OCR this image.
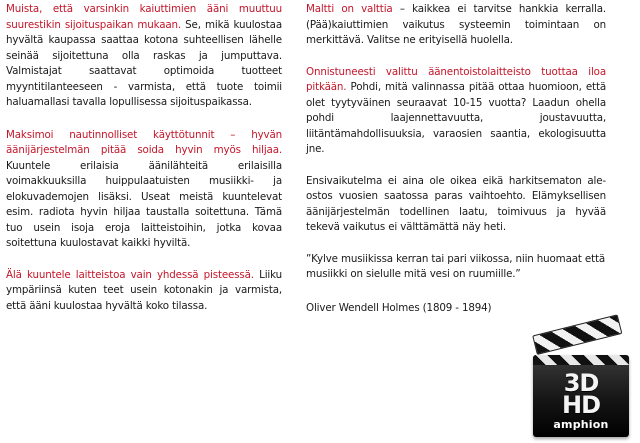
Muista, että varsinkin kaiuttimien ääni muuttuu suurestikin sijoituspaikan mukaan. Se, mikä kuulostaa hyvältä kaupassa saattaa kotona suhteellisen lähelle seinää sijoitettuna olla raskas ja jumputtava. Valmistajat saattavat optimoida tuotteet myyntitilanteeseen - varmista, että tuote toimii haluamallasi tavalla lopullisessa sijoituspaikassa.

Maksimoi nautinnolliset käyttötunnit – hyvän äänijärjestelmän pitää soida hyvin myös hiljaa. Kuuntele erilaisia äänilähteitä erilaisilla voimakkuuksilla huippulaatuisten musiikki- ja elokuvademojen lisäksi. Useat meistä kuuntelevat esim. radiota hyvin hiljaa taustalla soitettuna. Tämä tuo usein isoja eroja laitteistoihin, jotka kovaa soitettuna kuulostavat kaikki hyviltä.

Älä kuuntele laitteistoa vain yhdessä pisteessä. Liiku ympäriinsä kuten teet usein kotonakin ja varmista, että ääni kuulostaa hyvältä koko tilassa.

Maltti on valttia – kaikkea ei tarvitse hankkia kerralla. (Pää)kaiuttimien vaikutus systeemin toimintaan on merkittävä. Valitse ne erityisellä huolella.

Onnistuneesti valittu äänentoistolaitteisto tuottaa iloa pitkään. Pohdi, mitä valinnassa pitää ottaa huomioon, että olet tyytyväinen seuraavat 10-15 vuotta? Laadun ohella pohdi laajennettavuutta, joustavuutta, liitäntämahdollisuuksia, varaosien saantia, ekologisuutta jne.

Ensivaikutelma ei aina ole oikea eikä harkitsematon ale-ostos vuosien saatossa paras vaihtoehto. Elämyksellisen äänijärjestelmän todellinen laatu, toimivuus ja hyvää tekevä vaikutus ei välttämättä näy heti.

”Kylve musiikissa kerran tai pari viikossa, niin huomaat että musiikki on sielulle mitä vesi on ruumiille.”

Oliver Wendell Holmes (1809 - 1894)

3D
HD
amphion
